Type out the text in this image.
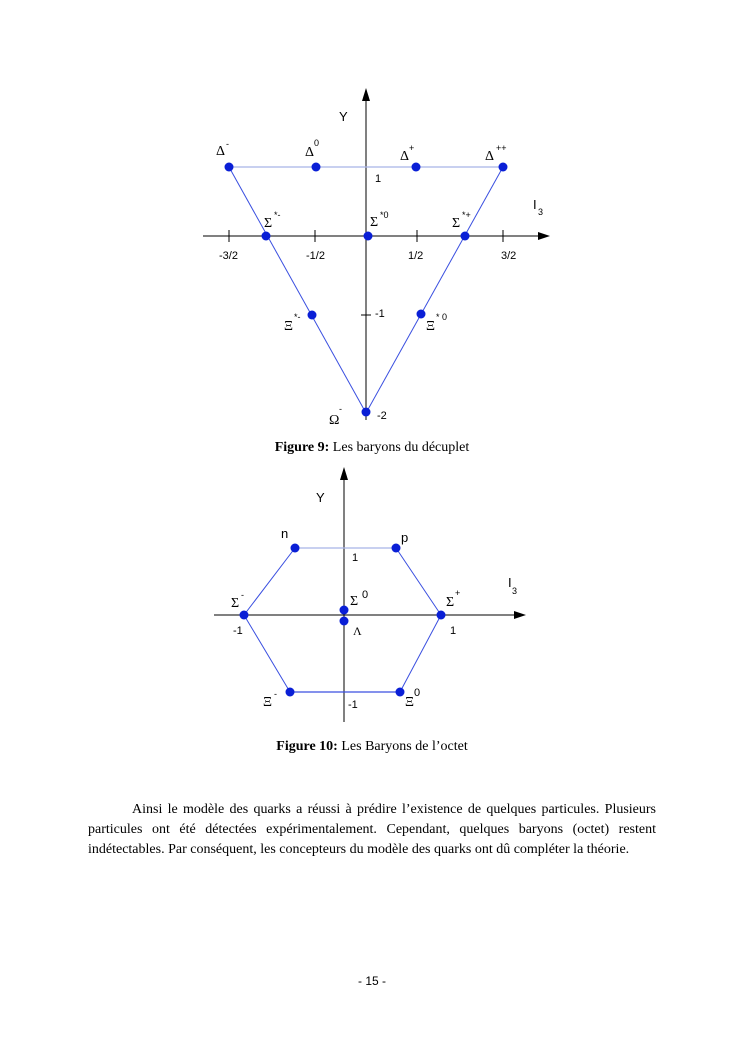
Y
I 3
-3/2	-1/2	1/2	3/2
1
-1
-2
Δ -
Δ
0
Δ
+
Δ
++
Σ
*-	Σ *0
Σ
*+
Ξ
*-
Ξ
* 0
Ω
-
Figure 9: Les baryons du décuplet
Y
I
3
-1	1
1
-1
n	p
Σ
-	Σ 0	Σ
+
Λ
Ξ
-
Ξ
0
Figure 10: Les Baryons de l’octet

Ainsi le modèle des quarks a réussi à prédire l’existence de quelques particules. Plusieurs particules ont été détectées expérimentalement. Cependant, quelques baryons (octet) restent indétectables. Par conséquent, les concepteurs du modèle des quarks ont dû compléter la théorie.

- 15 -
